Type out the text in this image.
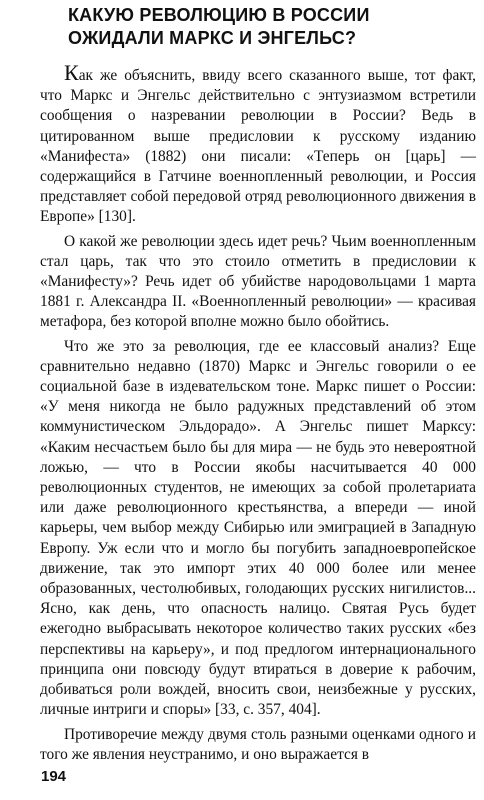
КАКУЮ РЕВОЛЮЦИЮ В РОССИИ
ОЖИДАЛИ МАРКС И ЭНГЕЛЬС?

Как же объяснить, ввиду всего сказанного выше, тот факт, что Маркс и Энгельс действительно с энтузиазмом встретили сообщения о назревании революции в России? Ведь в цитированном выше предисловии к русскому изданию «Манифеста» (1882) они писали: «Теперь он [царь] — содержащийся в Гатчине военнопленный революции, и Россия представляет собой передовой отряд революционного движения в Европе» [130].

О какой же революции здесь идет речь? Чьим военнопленным стал царь, так что это стоило отметить в предисловии к «Манифесту»? Речь идет об убийстве народовольцами 1 марта 1881 г. Александра II. «Военнопленный революции» — красивая метафора, без которой вполне можно было обойтись.

Что же это за революция, где ее классовый анализ? Еще сравнительно недавно (1870) Маркс и Энгельс говорили о ее социальной базе в издевательском тоне. Маркс пишет о России: «У меня никогда не было радужных представлений об этом коммунистическом Эльдорадо». А Энгельс пишет Марксу: «Каким несчастьем было бы для мира — не будь это невероятной ложью, — что в России якобы насчитывается 40 000 революционных студентов, не имеющих за собой пролетариата или даже революционного крестьянства, а впереди — иной карьеры, чем выбор между Сибирью или эмиграцией в Западную Европу. Уж если что и могло бы погубить западноевропейское движение, так это импорт этих 40 000 более или менее образованных, честолюбивых, голодающих русских нигилистов... Ясно, как день, что опасность налицо. Святая Русь будет ежегодно выбрасывать некоторое количество таких русских «без перспективы на карьеру», и под предлогом интернационального принципа они повсюду будут втираться в доверие к рабочим, добиваться роли вождей, вносить свои, неизбежные у русских, личные интриги и споры» [33, с. 357, 404].

Противоречие между двумя столь разными оценками одного и того же явления неустранимо, и оно выражается в

194
